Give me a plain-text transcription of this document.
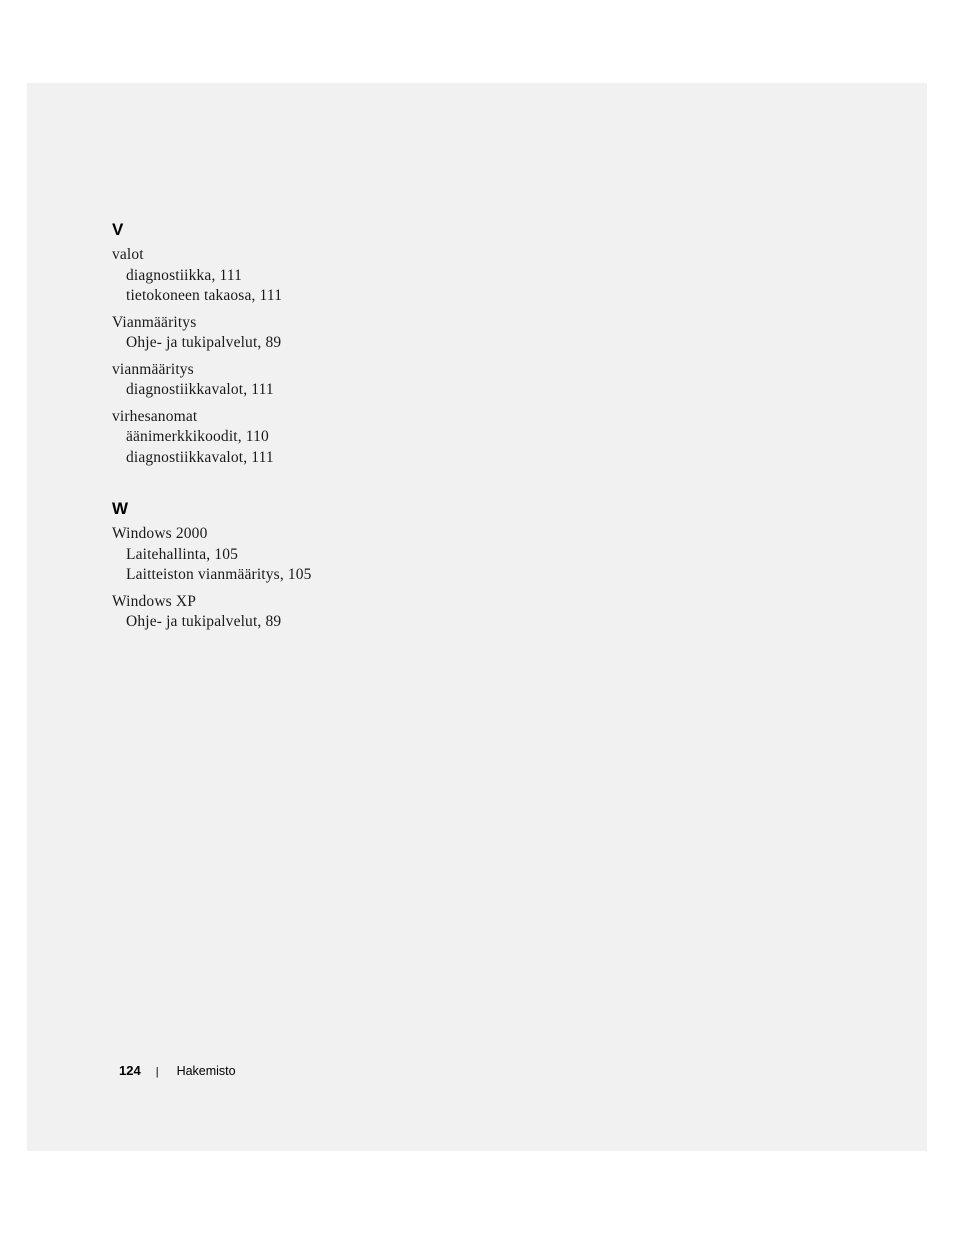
V
valot
diagnostiikka, 111
tietokoneen takaosa, 111
Vianmääritys
Ohje- ja tukipalvelut, 89
vianmääritys
diagnostiikkavalot, 111
virhesanomat
äänimerkkikoodit, 110
diagnostiikkavalot, 111
W
Windows 2000
Laitehallinta, 105
Laitteiston vianmääritys, 105
Windows XP
Ohje- ja tukipalvelut, 89
124 | Hakemisto
